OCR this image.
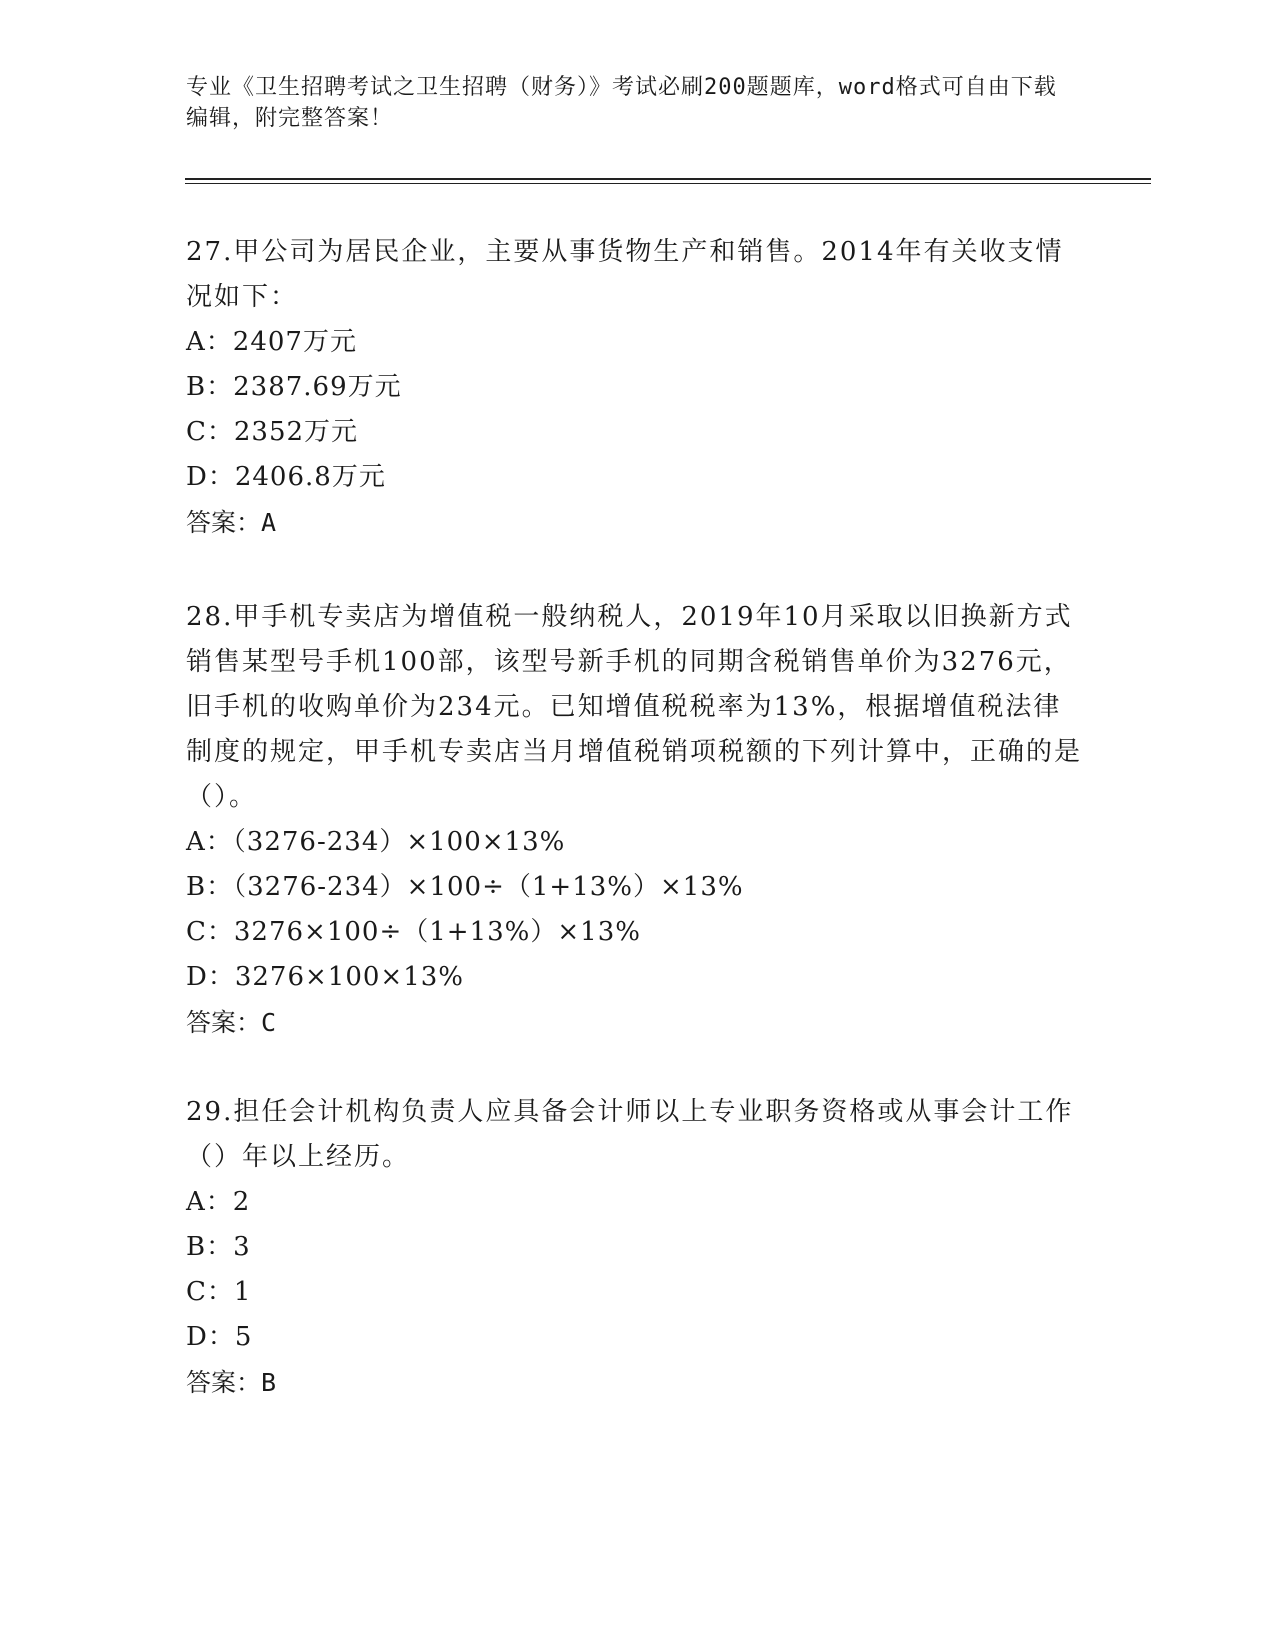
专业《卫生招聘考试之卫生招聘（财务）》考试必刷200题题库，word格式可自由下载编辑，附完整答案！

27.甲公司为居民企业，主要从事货物生产和销售。2014年有关收支情况如下：

A：2407万元

B：2387.69万元

C：2352万元

D：2406.8万元

答案：A

28.甲手机专卖店为增值税一般纳税人，2019年10月采取以旧换新方式销售某型号手机100部，该型号新手机的同期含税销售单价为3276元，旧手机的收购单价为234元。已知增值税税率为13%，根据增值税法律制度的规定，甲手机专卖店当月增值税销项税额的下列计算中，正确的是（）。

A：（3276-234）×100×13%

B：（3276-234）×100÷（1+13%）×13%

C：3276×100÷（1+13%）×13%

D：3276×100×13%

答案：C

29.担任会计机构负责人应具备会计师以上专业职务资格或从事会计工作（）年以上经历。

A：2

B：3

C：1

D：5

答案：B
